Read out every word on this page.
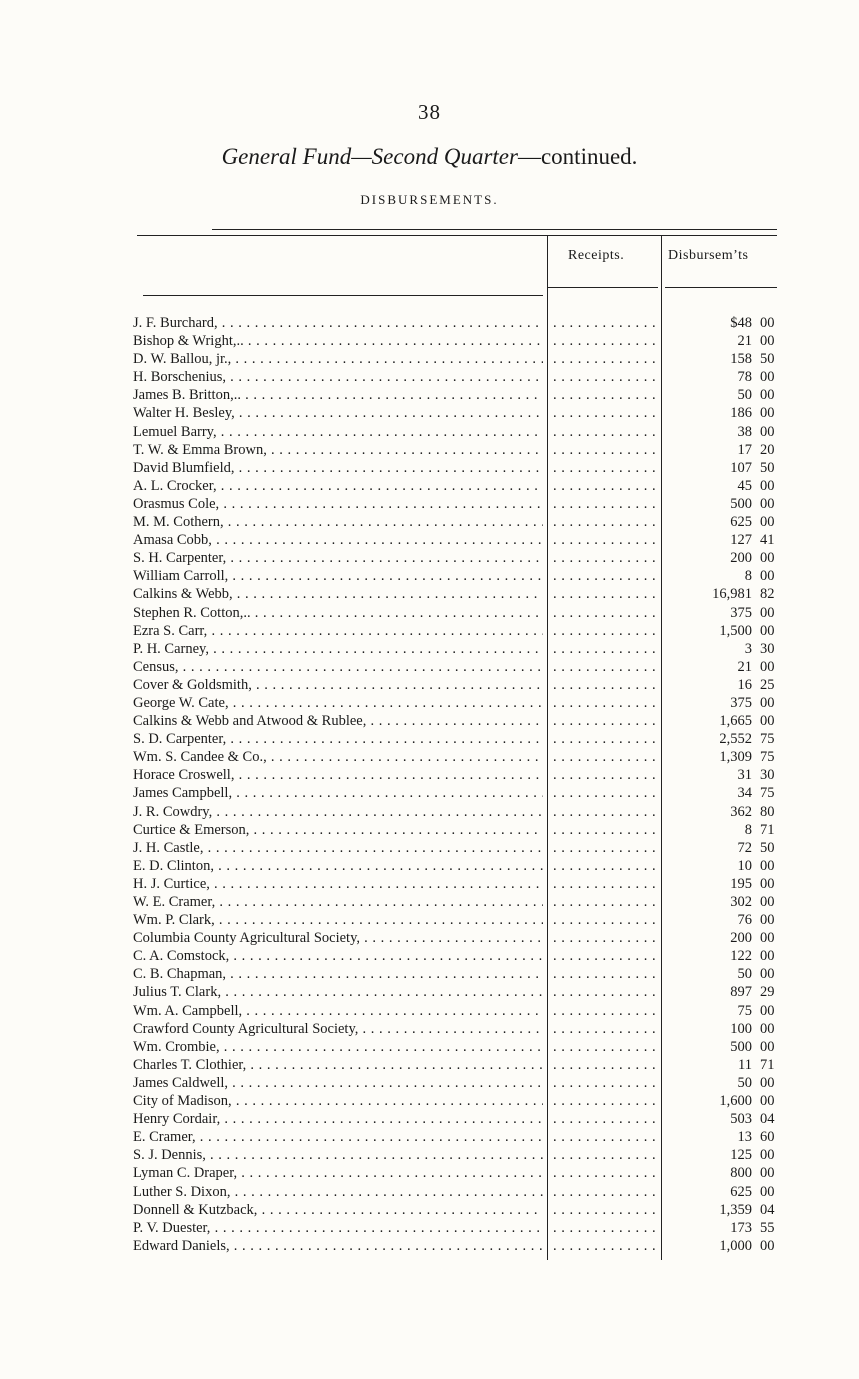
38
General Fund—Second Quarter—continued.
DISBURSEMENTS.
Receipts.	Disbursem’ts
J. F. Burchard, . . . . . .	$48 00
Bishop & Wright,.. . . . . . .	21 00
D. W. Ballou, jr., . . . . . .	158 50
H. Borschenius, . . . . . .	78 00
James B. Britton,.. . . . . . .	50 00
Walter H. Besley, . . . . . .	186 00
Lemuel Barry, . . . . . .	38 00
T. W. & Emma Brown, . . . . . .	17 20
David Blumfield, . . . . . .	107 50
A. L. Crocker, . . . . . .	45 00
Orasmus Cole, . . . . . .	500 00
M. M. Cothern, . . . . . .	625 00
Amasa Cobb, . . . . . .	127 41
S. H. Carpenter, . . . . . .	200 00
William Carroll, . . . . . .	8 00
Calkins & Webb, . . . . . .	16,981 82
Stephen R. Cotton,.. . . . . . .	375 00
Ezra S. Carr, . . . . . .	1,500 00
P. H. Carney, . . . . . .	3 30
Census, . . . . . .	21 00
Cover & Goldsmith, . . . . . .	16 25
George W. Cate, . . . . . .	375 00
Calkins & Webb and Atwood & Rublee, . . . . . .	1,665 00
S. D. Carpenter, . . . . . .	2,552 75
Wm. S. Candee & Co., . . . . . .	1,309 75
Horace Croswell, . . . . . .	31 30
James Campbell, . . . . . .	34 75
J. R. Cowdry, . . . . . .	362 80
Curtice & Emerson, . . . . . .	8 71
J. H. Castle, . . . . . .	72 50
E. D. Clinton, . . . . . .	10 00
H. J. Curtice, . . . . . .	195 00
W. E. Cramer, . . . . . .	302 00
Wm. P. Clark, . . . . . .	76 00
Columbia County Agricultural Society, . . . . . .	200 00
C. A. Comstock, . . . . . .	122 00
C. B. Chapman, . . . . . .	50 00
Julius T. Clark, . . . . . .	897 29
Wm. A. Campbell, . . . . . .	75 00
Crawford County Agricultural Society, . . . . . .	100 00
Wm. Crombie, . . . . . .	500 00
Charles T. Clothier, . . . . . .	11 71
James Caldwell, . . . . . .	50 00
City of Madison, . . . . . .	1,600 00
Henry Cordair, . . . . . .	503 04
E. Cramer, . . . . . .	13 60
S. J. Dennis, . . . . . .	125 00
Lyman C. Draper, . . . . . .	800 00
Luther S. Dixon, . . . . . .	625 00
Donnell & Kutzback, . . . . . .	1,359 04
P. V. Duester, . . . . . .	173 55
Edward Daniels, . . . . . .	1,000 00
